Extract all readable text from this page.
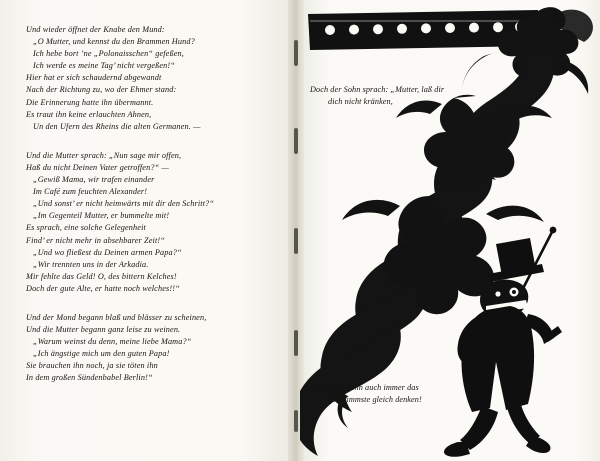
Und wieder öffnet der Knabe den Mund:
„O Mutter, und kennst du den Brammen Hund?
Ich hebe bort ’ne „Polonaisschen“ gefeßen,
Ich werde es meine Tag’ nicht vergeßen!“
Hier hat er sich schaudernd abgewandt
Nach der Richtung zu, wo der Ehmer stand:
Die Erinnerung hatte ihn übermannt.
Es traut ihn keine erlauchten Ahnen,
Un den Ufern des Rheins die alten Germanen. —
Und die Mutter sprach: „Nun sage mir offen,
Haß du nicht Deinen Vater getroffen?“ —
„Gewiß Mama, wir trafen einander
Im Café zum feuchten Alexander!
„Und sonst’ er nicht heimwärts mit dir den Schritt?“
„Im Gegenteil Mutter, er bummelte mit!
Es sprach, eine solche Gelegenheit
Find’ er nicht mehr in absehbarer Zeit!“
„Und wo fließest du Deinen armen Papa?“
„Wir trennten uns in der Arkadia.
Mir fehlte das Geld! O, des bittern Kelches!
Doch der gute Alte, er hatte noch welches!!“
Und der Mond begann blaß und blässer zu scheinen,
Und die Mutter begann ganz leise zu weinen.
„Warum weinst du denn, meine liebe Mama?“
„Ich ängstige mich um den guten Papa!
Sie brauchen ihn noch, ja sie töten ihn
In dem großen Sündenbabel Berlin!“
Doch der Sohn sprach: „Mutter, laß dir
dich nicht kränken,
Wer wird denn auch immer das
Schlimmste gleich denken!
